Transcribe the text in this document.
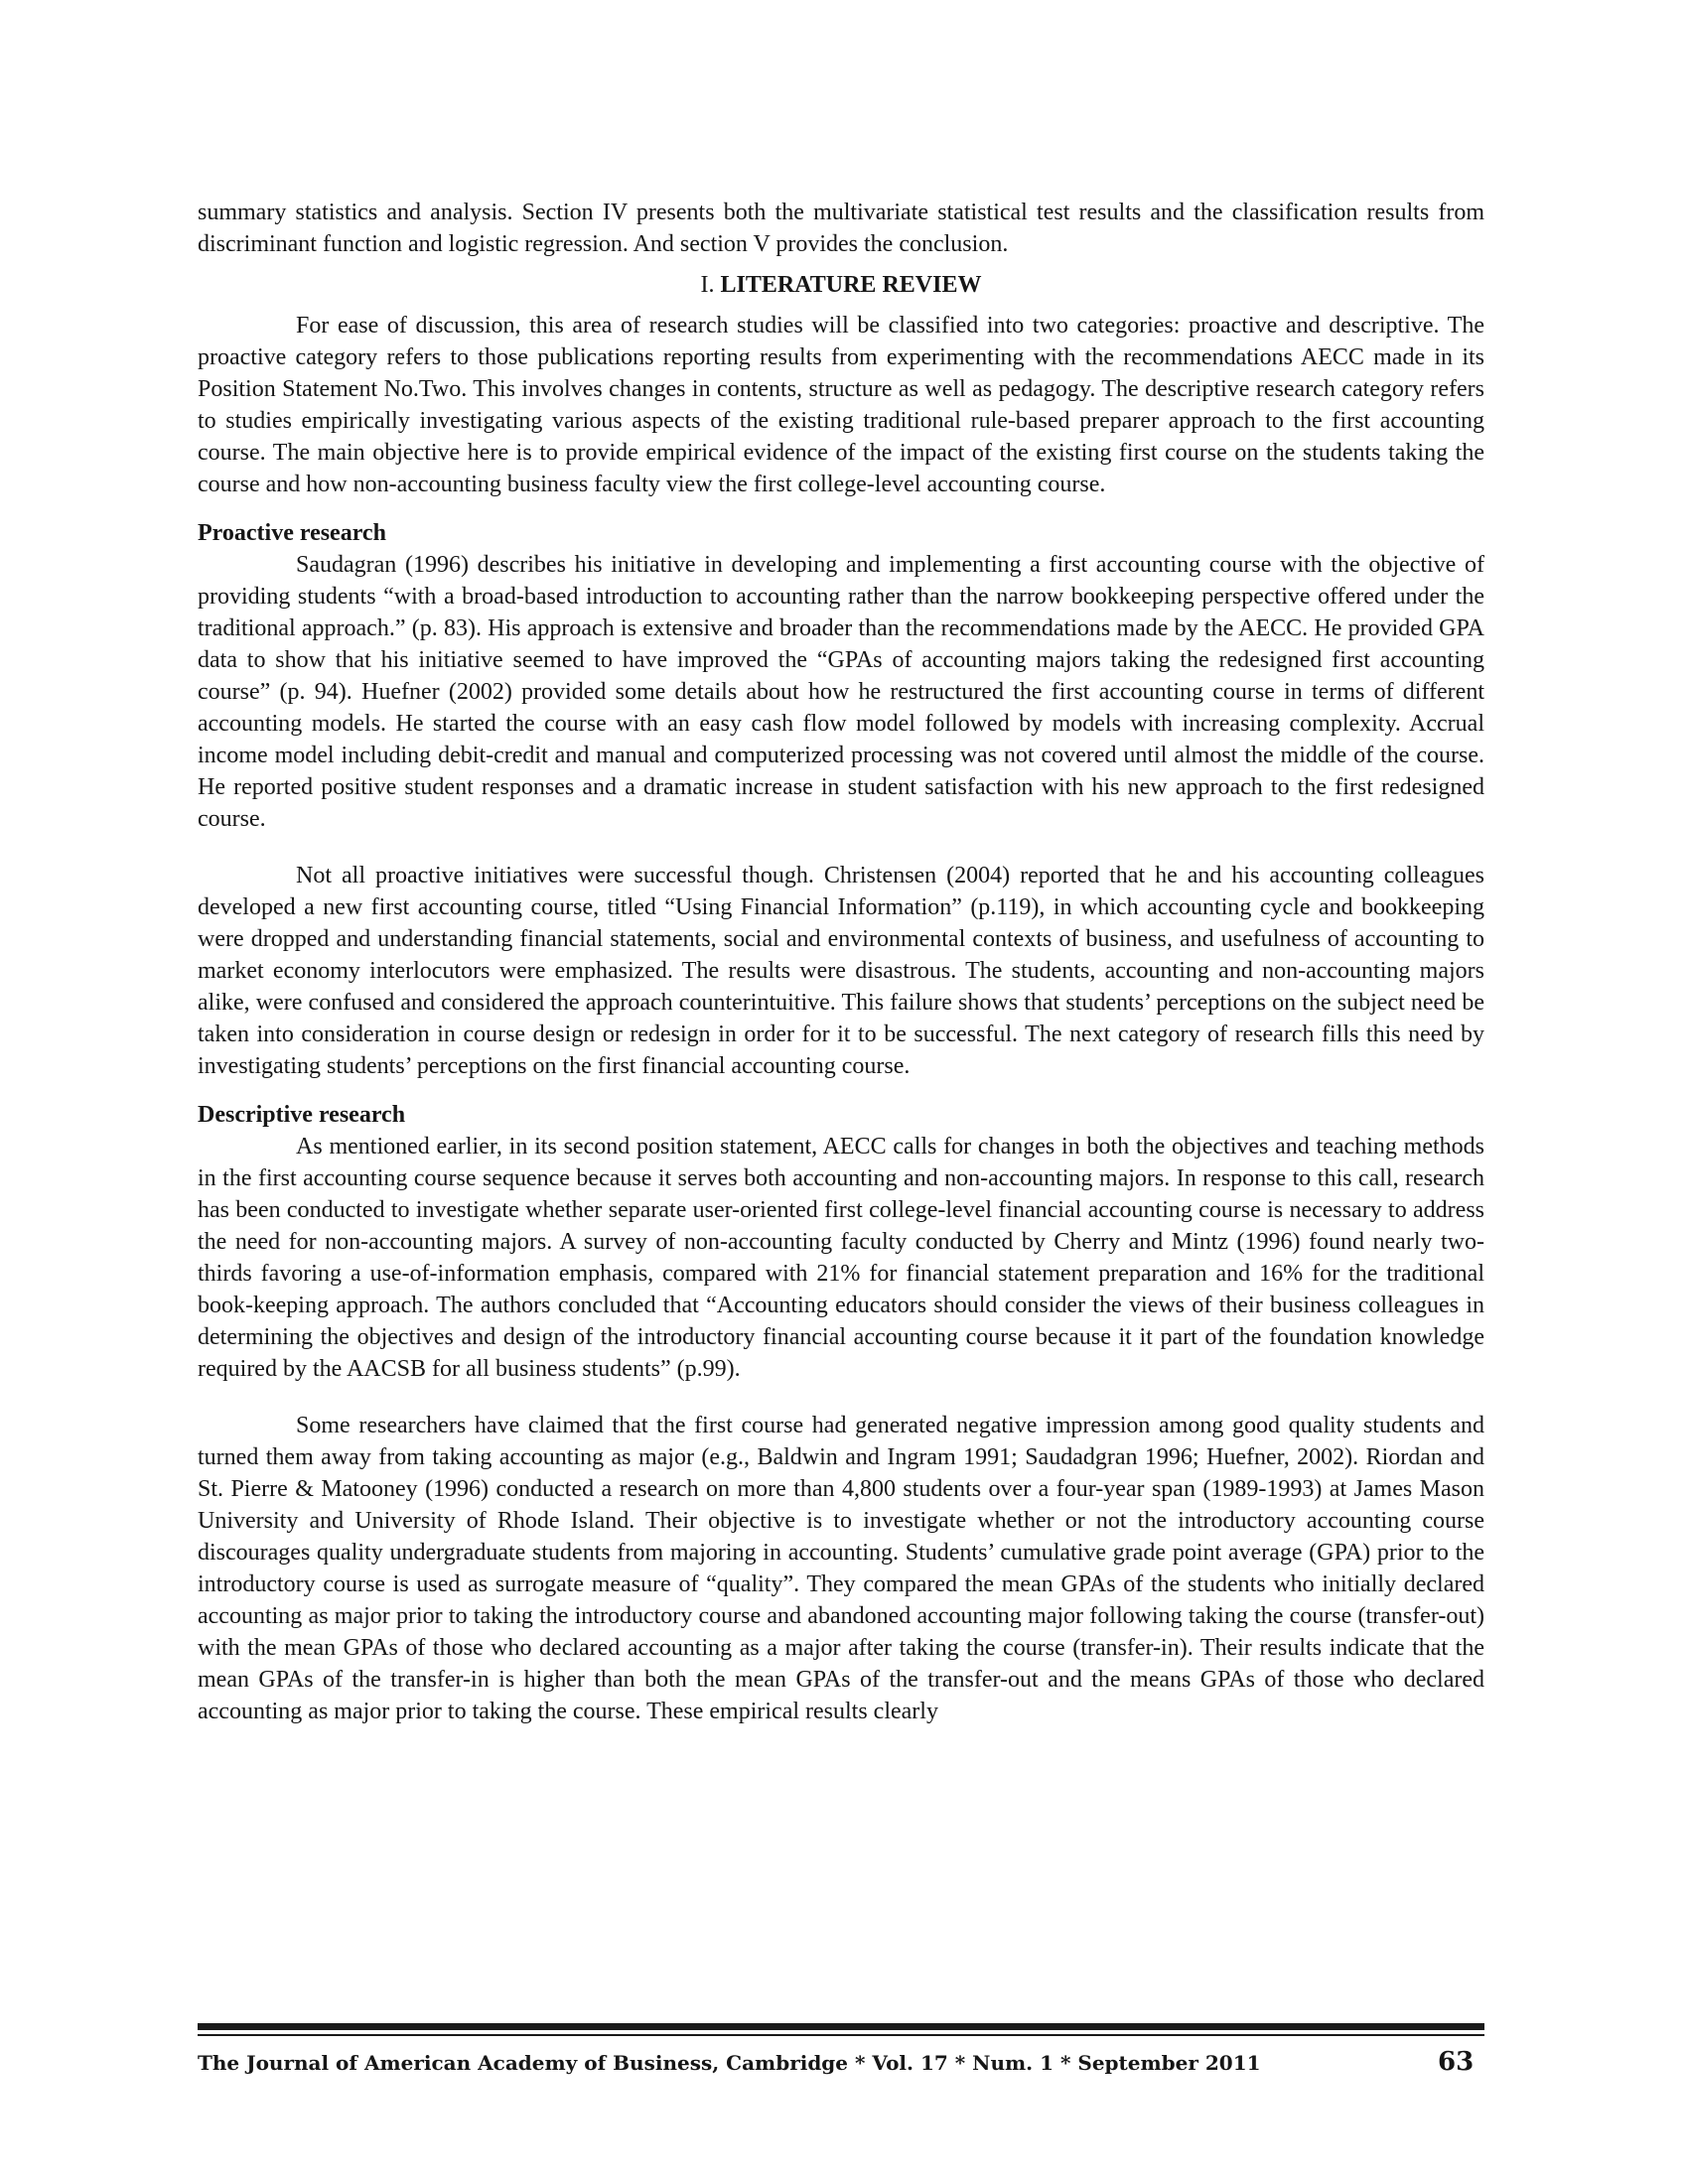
summary statistics and analysis. Section IV presents both the multivariate statistical test results and the classification results from discriminant function and logistic regression. And section V provides the conclusion.

I. LITERATURE REVIEW

For ease of discussion, this area of research studies will be classified into two categories: proactive and descriptive. The proactive category refers to those publications reporting results from experimenting with the recommendations AECC made in its Position Statement No.Two. This involves changes in contents, structure as well as pedagogy. The descriptive research category refers to studies empirically investigating various aspects of the existing traditional rule-based preparer approach to the first accounting course. The main objective here is to provide empirical evidence of the impact of the existing first course on the students taking the course and how non-accounting business faculty view the first college-level accounting course.

Proactive research

Saudagran (1996) describes his initiative in developing and implementing a first accounting course with the objective of providing students “with a broad-based introduction to accounting rather than the narrow bookkeeping perspective offered under the traditional approach.” (p. 83). His approach is extensive and broader than the recommendations made by the AECC. He provided GPA data to show that his initiative seemed to have improved the “GPAs of accounting majors taking the redesigned first accounting course” (p. 94). Huefner (2002) provided some details about how he restructured the first accounting course in terms of different accounting models. He started the course with an easy cash flow model followed by models with increasing complexity. Accrual income model including debit-credit and manual and computerized processing was not covered until almost the middle of the course. He reported positive student responses and a dramatic increase in student satisfaction with his new approach to the first redesigned course.

Not all proactive initiatives were successful though. Christensen (2004) reported that he and his accounting colleagues developed a new first accounting course, titled “Using Financial Information” (p.119), in which accounting cycle and bookkeeping were dropped and understanding financial statements, social and environmental contexts of business, and usefulness of accounting to market economy interlocutors were emphasized. The results were disastrous. The students, accounting and non-accounting majors alike, were confused and considered the approach counterintuitive. This failure shows that students’ perceptions on the subject need be taken into consideration in course design or redesign in order for it to be successful. The next category of research fills this need by investigating students’ perceptions on the first financial accounting course.

Descriptive research

As mentioned earlier, in its second position statement, AECC calls for changes in both the objectives and teaching methods in the first accounting course sequence because it serves both accounting and non-accounting majors. In response to this call, research has been conducted to investigate whether separate user-oriented first college-level financial accounting course is necessary to address the need for non-accounting majors. A survey of non-accounting faculty conducted by Cherry and Mintz (1996) found nearly two-thirds favoring a use-of-information emphasis, compared with 21% for financial statement preparation and 16% for the traditional book-keeping approach. The authors concluded that “Accounting educators should consider the views of their business colleagues in determining the objectives and design of the introductory financial accounting course because it it part of the foundation knowledge required by the AACSB for all business students” (p.99).

Some researchers have claimed that the first course had generated negative impression among good quality students and turned them away from taking accounting as major (e.g., Baldwin and Ingram 1991; Saudadgran 1996; Huefner, 2002). Riordan and St. Pierre & Matooney (1996) conducted a research on more than 4,800 students over a four-year span (1989-1993) at James Mason University and University of Rhode Island. Their objective is to investigate whether or not the introductory accounting course discourages quality undergraduate students from majoring in accounting. Students’ cumulative grade point average (GPA) prior to the introductory course is used as surrogate measure of “quality”. They compared the mean GPAs of the students who initially declared accounting as major prior to taking the introductory course and abandoned accounting major following taking the course (transfer-out) with the mean GPAs of those who declared accounting as a major after taking the course (transfer-in). Their results indicate that the mean GPAs of the transfer-in is higher than both the mean GPAs of the transfer-out and the means GPAs of those who declared accounting as major prior to taking the course. These empirical results clearly

The Journal of American Academy of Business, Cambridge * Vol. 17 * Num. 1 * September 2011	63
